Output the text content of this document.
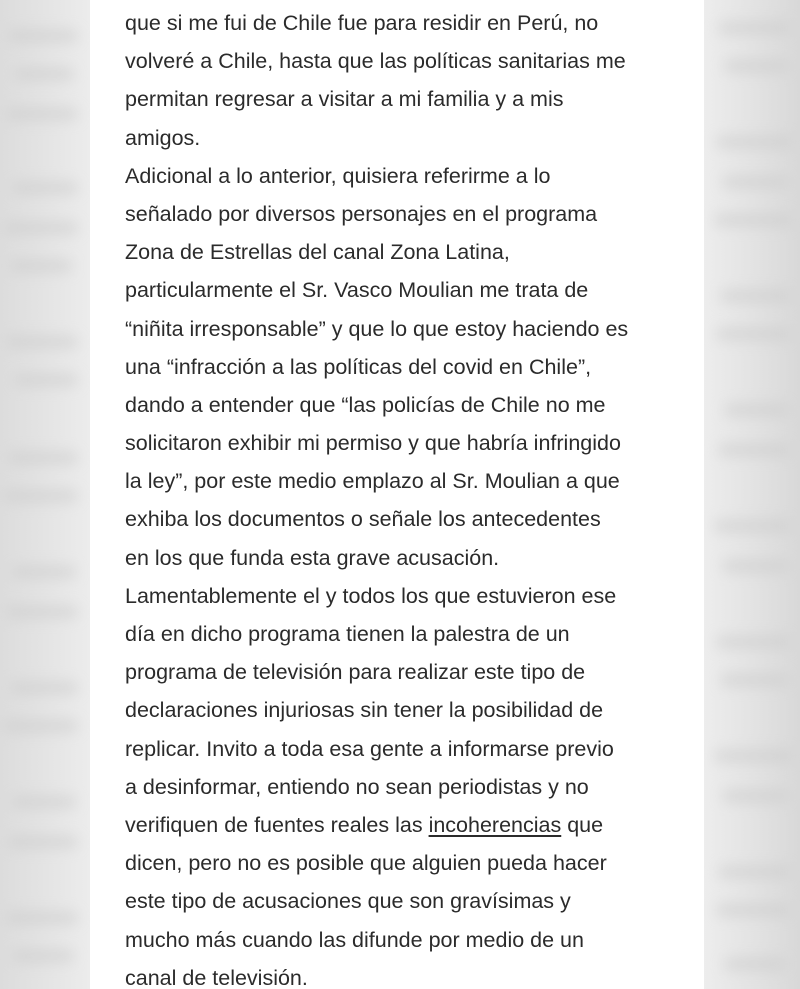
que si me fui de Chile fue para residir en Perú, no
volveré a Chile, hasta que las políticas sanitarias me
permitan regresar a visitar a mi familia y a mis
amigos.
Adicional a lo anterior, quisiera referirme a lo
señalado por diversos personajes en el programa
Zona de Estrellas del canal Zona Latina,
particularmente el Sr. Vasco Moulian me trata de
“niñita irresponsable” y que lo que estoy haciendo es
una “infracción a las políticas del covid en Chile”,
dando a entender que “las policías de Chile no me
solicitaron exhibir mi permiso y que habría infringido
la ley”, por este medio emplazo al Sr. Moulian a que
exhiba los documentos o señale los antecedentes
en los que funda esta grave acusación.
Lamentablemente el y todos los que estuvieron ese
día en dicho programa tienen la palestra de un
programa de televisión para realizar este tipo de
declaraciones injuriosas sin tener la posibilidad de
replicar. Invito a toda esa gente a informarse previo
a desinformar, entiendo no sean periodistas y no
verifiquen de fuentes reales las incoherencias que
dicen, pero no es posible que alguien pueda hacer
este tipo de acusaciones que son gravísimas y
mucho más cuando las difunde por medio de un
canal de televisión.
